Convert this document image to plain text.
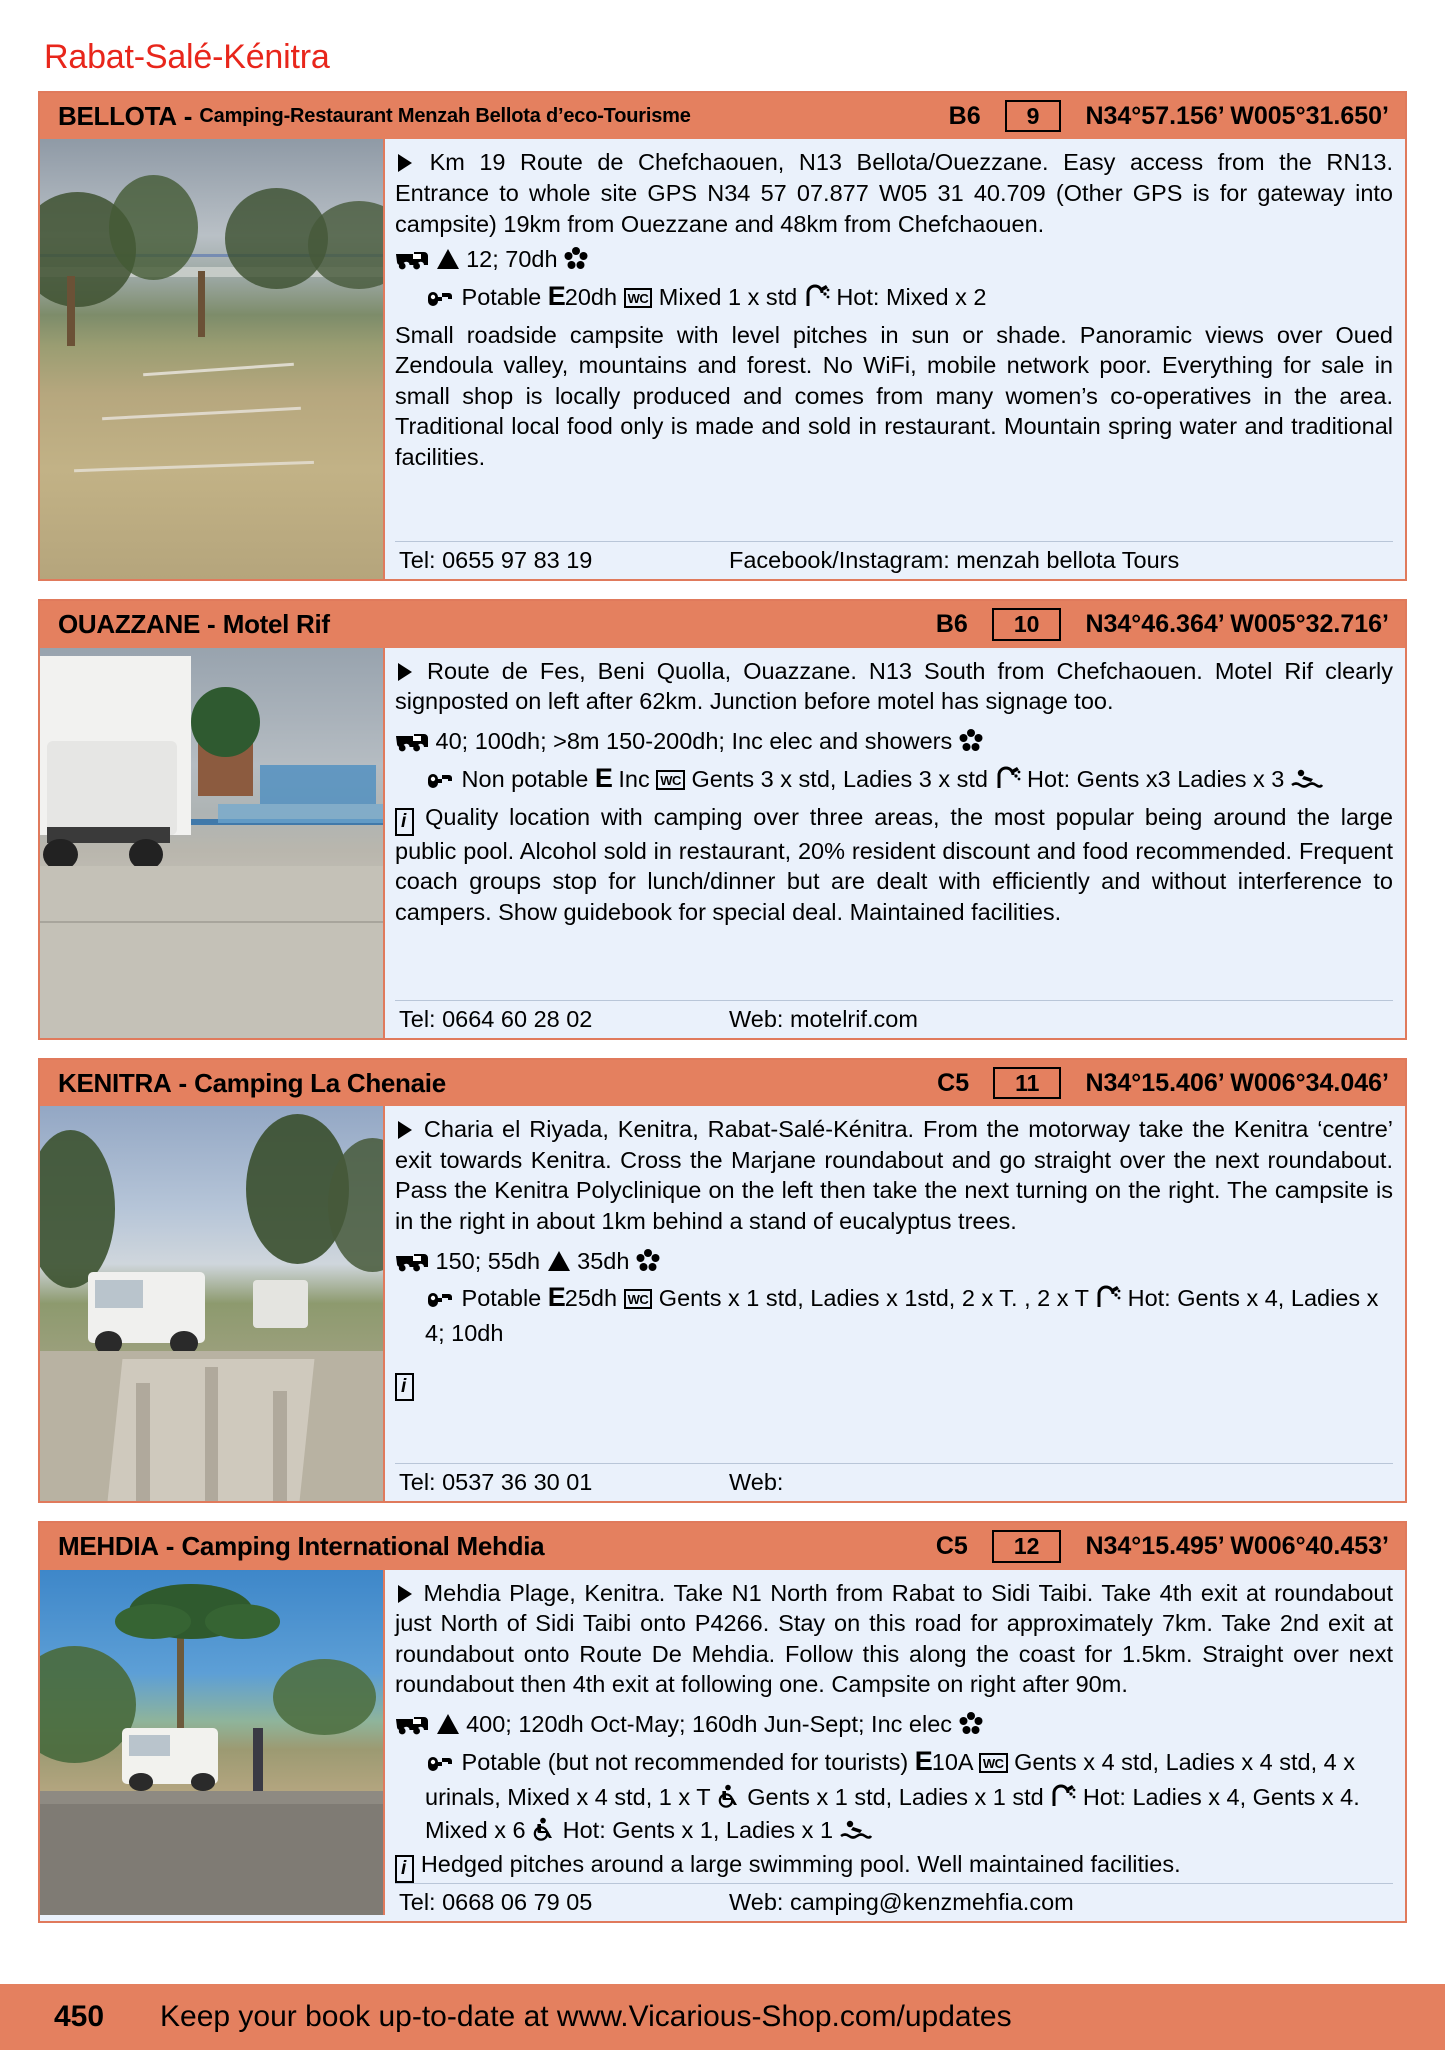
Rabat-Salé-Kénitra
BELLOTA - Camping-Restaurant Menzah Bellota d’eco-Tourisme	B6	9	N34°57.156’ W005°31.650’

Km 19 Route de Chefchaouen, N13 Bellota/Ouezzane. Easy access from the RN13. Entrance to whole site GPS N34 57 07.877 W05 31 40.709 (Other GPS is for gateway into campsite) 19km from Ouezzane and 48km from Chefchaouen.

12; 70dh
Potable E20dh WC Mixed 1 x std Hot: Mixed x 2

Small roadside campsite with level pitches in sun or shade. Panoramic views over Oued Zendoula valley, mountains and forest. No WiFi, mobile network poor. Everything for sale in small shop is locally produced and comes from many women’s co-operatives in the area. Traditional local food only is made and sold in restaurant. Mountain spring water and traditional facilities.

Tel: 0655 97 83 19	Facebook/Instagram: menzah bellota Tours
OUAZZANE - Motel Rif	B6	10	N34°46.364’ W005°32.716’

Route de Fes, Beni Quolla, Ouazzane. N13 South from Chefchaouen. Motel Rif clearly signposted on left after 62km. Junction before motel has signage too.

40; 100dh; >8m 150-200dh; Inc elec and showers
Non potable E Inc WC Gents 3 x std, Ladies 3 x std Hot: Gents x3 Ladies x 3

i Quality location with camping over three areas, the most popular being around the large public pool. Alcohol sold in restaurant, 20% resident discount and food recommended. Frequent coach groups stop for lunch/dinner but are dealt with efficiently and without interference to campers. Show guidebook for special deal. Maintained facilities.

Tel: 0664 60 28 02	Web: motelrif.com
KENITRA - Camping La Chenaie	C5	11	N34°15.406’ W006°34.046’

Charia el Riyada, Kenitra, Rabat-Salé-Kénitra. From the motorway take the Kenitra ‘centre’ exit towards Kenitra. Cross the Marjane roundabout and go straight over the next roundabout. Pass the Kenitra Polyclinique on the left then take the next turning on the right. The campsite is in the right in about 1km behind a stand of eucalyptus trees.

150; 55dh 35dh
Potable E25dh WC Gents x 1 std, Ladies x 1std, 2 x T. , 2 x T Hot: Gents x 4, Ladies x 4; 10dh
i
Tel: 0537 36 30 01	Web:
MEHDIA - Camping International Mehdia	C5	12	N34°15.495’ W006°40.453’

Mehdia Plage, Kenitra. Take N1 North from Rabat to Sidi Taibi. Take 4th exit at roundabout just North of Sidi Taibi onto P4266. Stay on this road for approximately 7km. Take 2nd exit at roundabout onto Route De Mehdia. Follow this along the coast for 1.5km. Straight over next roundabout then 4th exit at following one. Campsite on right after 90m.

400; 120dh Oct-May; 160dh Jun-Sept; Inc elec
Potable (but not recommended for tourists) E10A WC Gents x 4 std, Ladies x 4 std, 4 x urinals, Mixed x 4 std, 1 x T Gents x 1 std, Ladies x 1 std Hot: Ladies x 4, Gents x 4. Mixed x 6 Hot: Gents x 1, Ladies x 1
i Hedged pitches around a large swimming pool. Well maintained facilities.
Tel: 0668 06 79 05	Web: camping@kenzmehfia.com
450	Keep your book up-to-date at www.Vicarious-Shop.com/updates
